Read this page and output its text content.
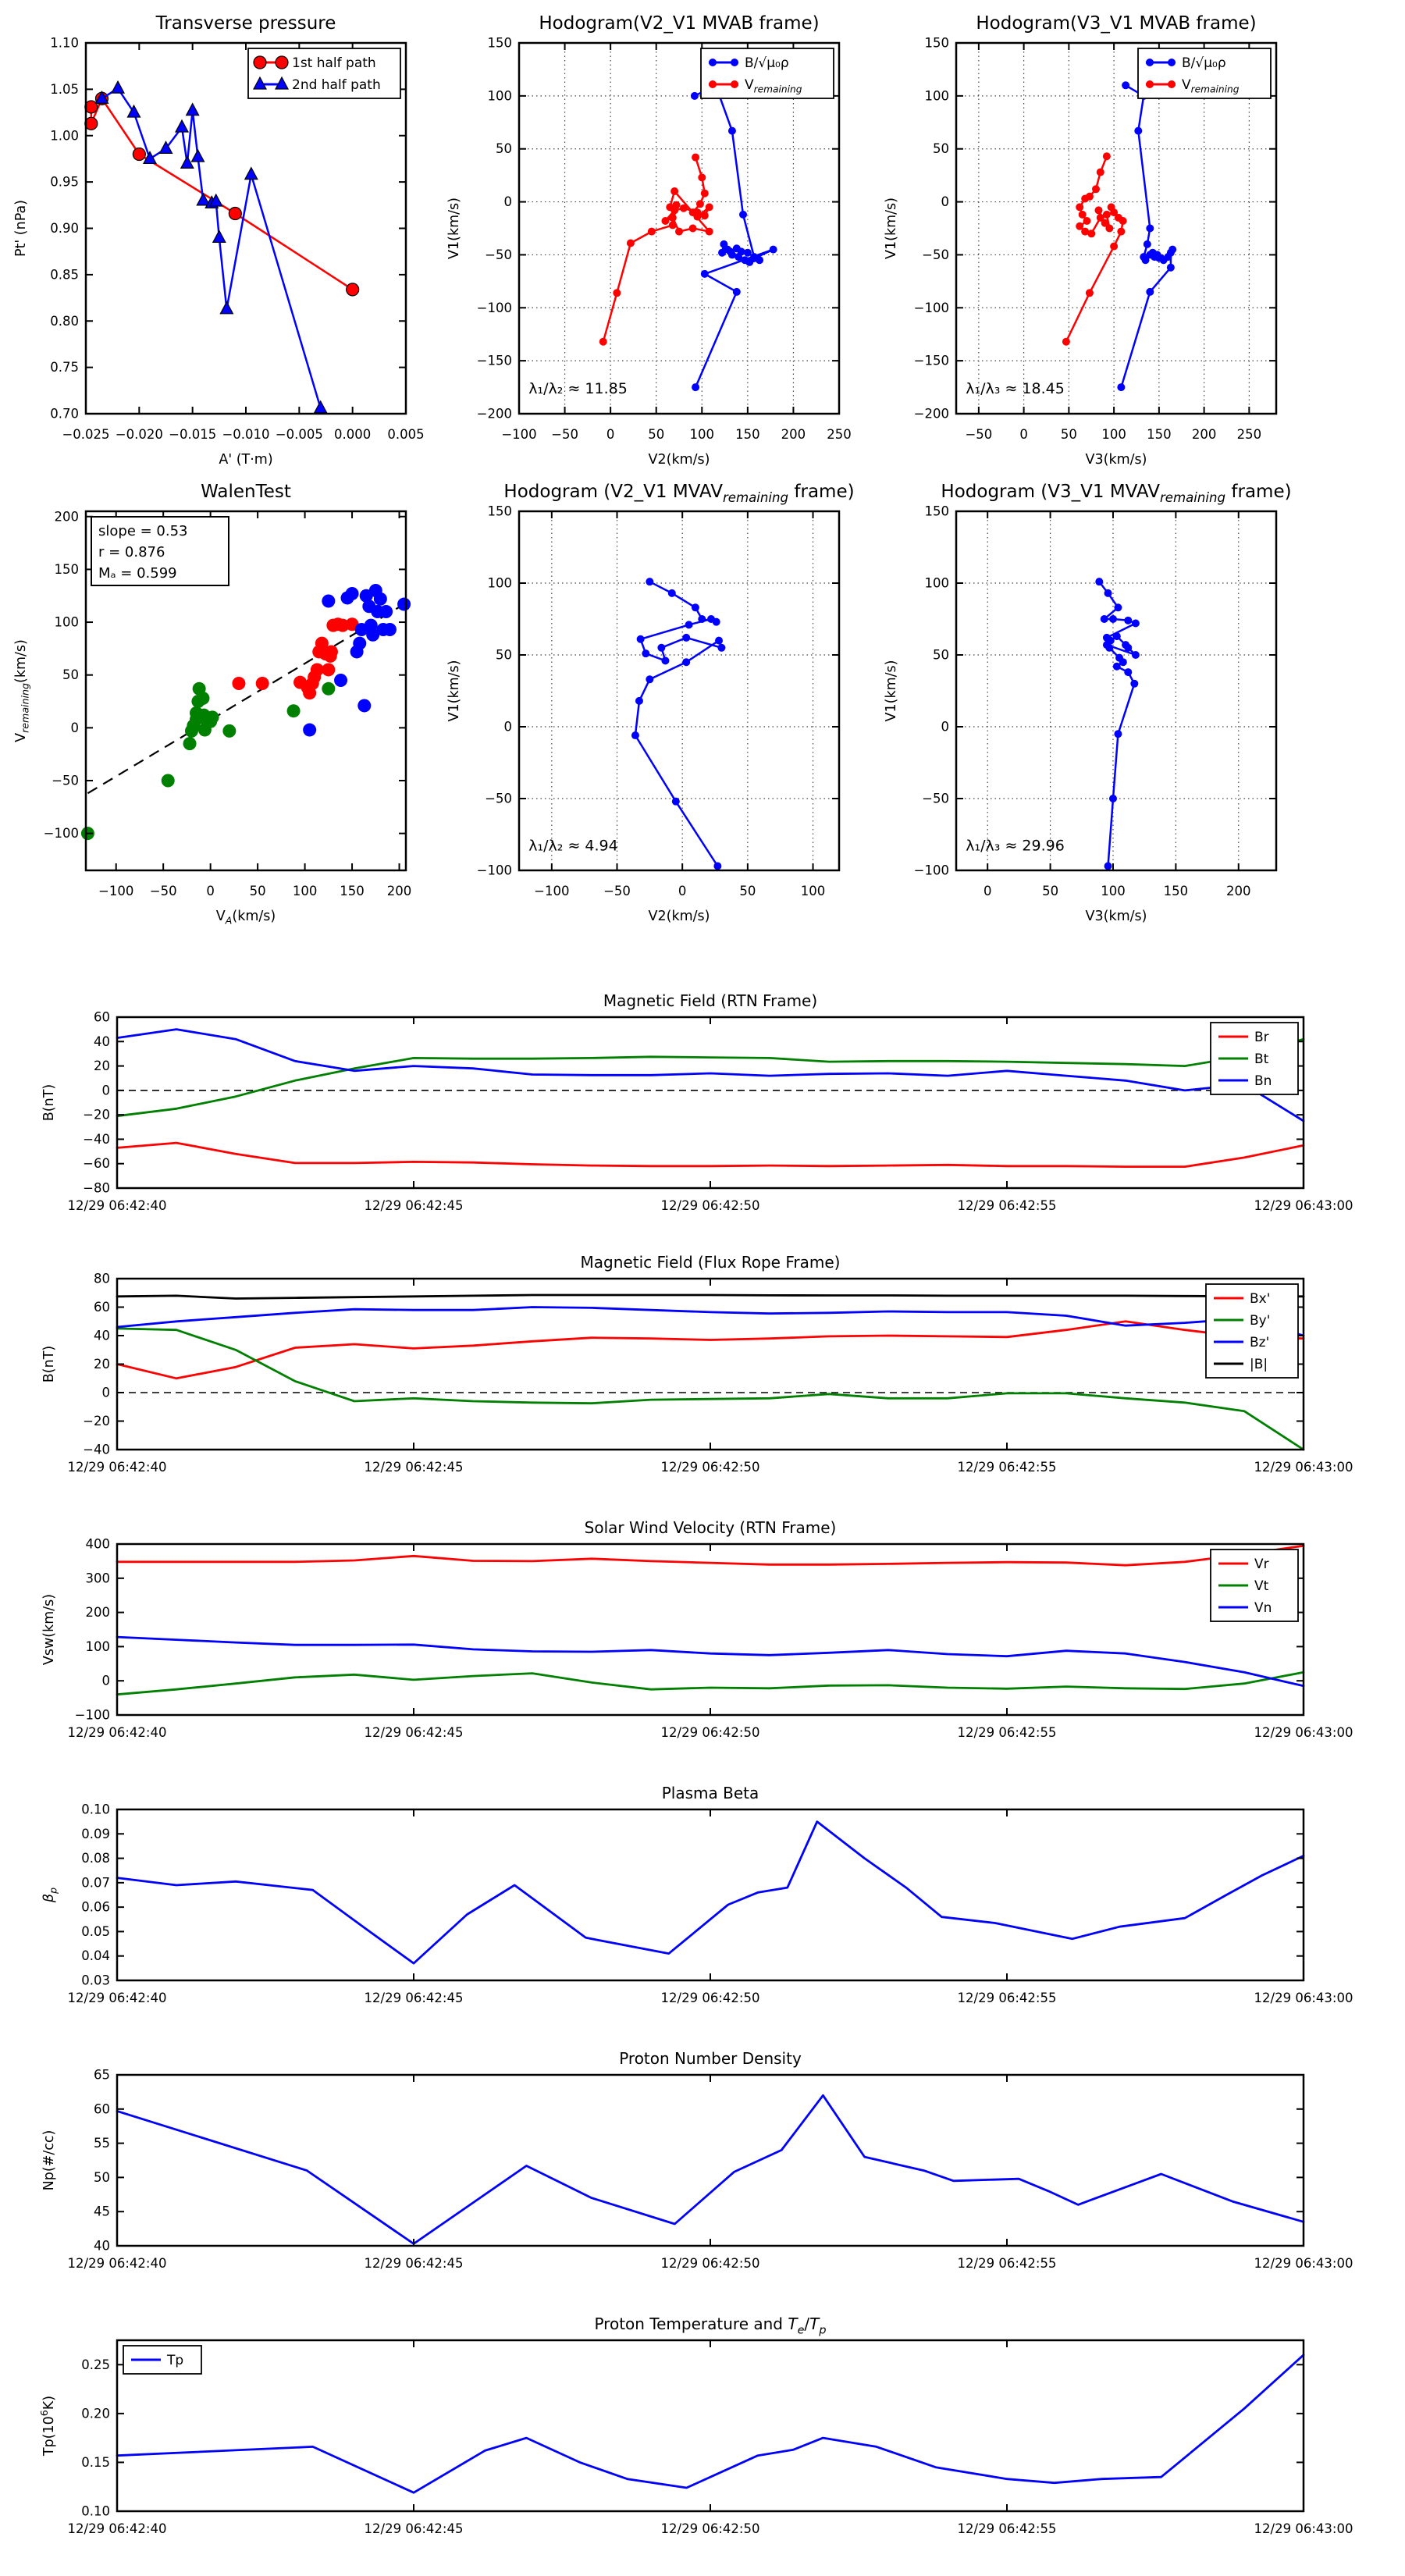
−0.025 −0.020 −0.015 −0.010 −0.005 0.000 0.005
0.70
0.75
0.80
0.85
0.90
0.95
1.00
1.05
1.10
Transverse pressure
A' (T·m)
Pt' (nPa)
1st half path
2nd half path
−100 −50 0	50 100 150 200 250
−200
−150
−100
−50
0
50
100
150
Hodogram(V2_V1 MVAB frame)
V2(km/s)
V1(km/s)
λ₁/λ₂ ≈ 11.85
B/√μ₀ρ
$V_{remaining}$
−50 0	50 100 150 200 250
−200
−150
−100
−50
0
50
100
150
Hodogram(V3_V1 MVAB frame)
V3(km/s)
V1(km/s)
λ₁/λ₃ ≈ 18.45
B/√μ₀ρ
$V_{remaining}$
−100 −50 0	50 100 150 200
−100
−50
0
50
100
150
200
WalenTest
$V_A(km/s)$
$V_{remaining}(km/s)$
slope = 0.53
r = 0.876
Mₐ = 0.599
−100	−50	0	50	100
−100
−50
0
50
100
150
Hodogram (V2_V1 $MVAV_{remaining}$ frame)
V2(km/s)
V1(km/s)
λ₁/λ₂ ≈ 4.94
0	50	100	150	200
−100
−50
0
50
100
150
Hodogram (V3_V1 $MVAV_{remaining}$ frame)
V3(km/s)
V1(km/s)
λ₁/λ₃ ≈ 29.96
12/29 06:42:40	12/29 06:42:45	12/29 06:42:50	12/29 06:42:55	12/29 06:43:00
−80
−60
−40
−20
0
20
40
60
Magnetic Field (RTN Frame)
B(nT)
Br
Bt
Bn
12/29 06:42:40	12/29 06:42:45	12/29 06:42:50	12/29 06:42:55	12/29 06:43:00
−40
−20
0
20
40
60
80
Magnetic Field (Flux Rope Frame)
B(nT)
Bx'
By'
Bz'
|B|
12/29 06:42:40	12/29 06:42:45	12/29 06:42:50	12/29 06:42:55	12/29 06:43:00
−100
0
100
200
300
400
Solar Wind Velocity (RTN Frame)
Vsw(km/s)
Vr
Vt
Vn
12/29 06:42:40	12/29 06:42:45	12/29 06:42:50	12/29 06:42:55	12/29 06:43:00
0.03
0.04
0.05
0.06
0.07
0.08
0.09
0.10
Plasma Beta
$\beta_p$
12/29 06:42:40	12/29 06:42:45	12/29 06:42:50	12/29 06:42:55	12/29 06:43:00
40
45
50
55
60
65
Proton Number Density
Np(#/cc)
12/29 06:42:40	12/29 06:42:45	12/29 06:42:50	12/29 06:42:55	12/29 06:43:00
0.10
0.15
0.20
0.25
Proton Temperature and $T_e/T_p$
$Tp(10^6K)$
Tp
